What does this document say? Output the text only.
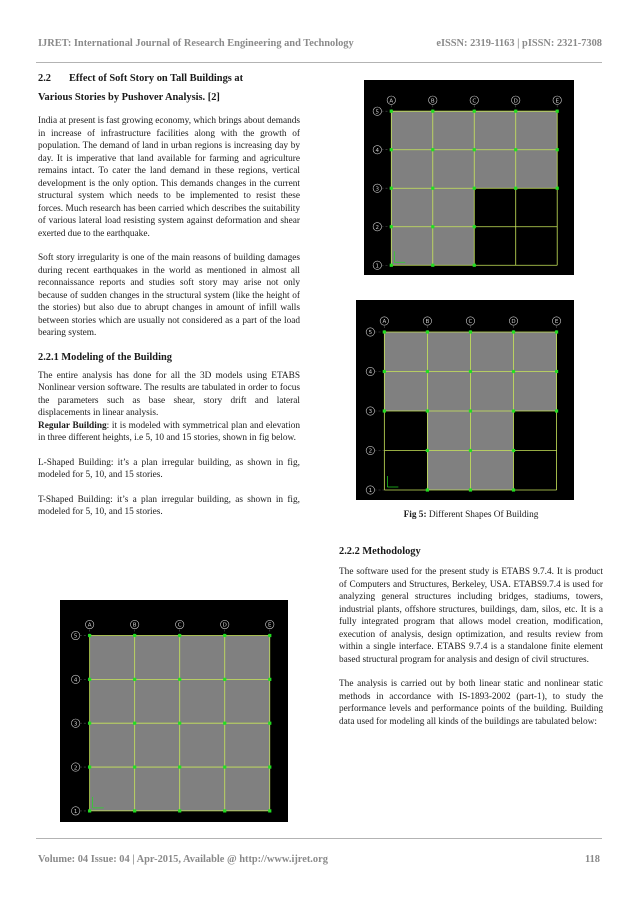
IJRET: International Journal of Research Engineering and Technology	eISSN: 2319-1163 | pISSN: 2321-7308
2.2 Effect of Soft Story on Tall Buildings at
Various Stories by Pushover Analysis. [2]

India at present is fast growing economy, which brings about demands in increase of infrastructure facilities along with the growth of population. The demand of land in urban regions is increasing day by day. It is imperative that land available for farming and agriculture remains intact. To cater the land demand in these regions, vertical development is the only option. This demands changes in the current structural system which needs to be implemented to resist these forces. Much research has been carried which describes the suitability of various lateral load resisting system against deformation and shear exerted due to the earthquake.

Soft story irregularity is one of the main reasons of building damages during recent earthquakes in the world as mentioned in almost all reconnaissance reports and studies soft story may arise not only because of sudden changes in the structural system (like the height of the stories) but also due to abrupt changes in amount of infill walls between stories which are usually not considered as a part of the load bearing system.

2.2.1 Modeling of the Building

The entire analysis has done for all the 3D models using ETABS Nonlinear version software. The results are tabulated in order to focus the parameters such as base shear, story drift and lateral displacements in linear analysis.

Regular Building: it is modeled with symmetrical plan and elevation in three different heights, i.e 5, 10 and 15 stories, shown in fig below.

L-Shaped Building: it’s a plan irregular building, as shown in fig, modeled for 5, 10, and 15 stories.

T-Shaped Building: it’s a plan irregular building, as shown in fig, modeled for 5, 10, and 15 stories.

A	B	C	D	E
5
4
3
2
1
A	B	C	D	E
5
4
3
2
1
A	B	C	D	E
5
4
3
2
1
Fig 5: Different Shapes Of Building
2.2.2 Methodology

The software used for the present study is ETABS 9.7.4. It is product of Computers and Structures, Berkeley, USA. ETABS9.7.4 is used for analyzing general structures including bridges, stadiums, towers, industrial plants, offshore structures, buildings, dam, silos, etc. It is a fully integrated program that allows model creation, modification, execution of analysis, design optimization, and results review from within a single interface. ETABS 9.7.4 is a standalone finite element based structural program for analysis and design of civil structures.

The analysis is carried out by both linear static and nonlinear static methods in accordance with IS-1893-2002 (part-1), to study the performance levels and performance points of the building. Building data used for modeling all kinds of the buildings are tabulated below:

Volume: 04 Issue: 04 | Apr-2015, Available @ http://www.ijret.org	118
